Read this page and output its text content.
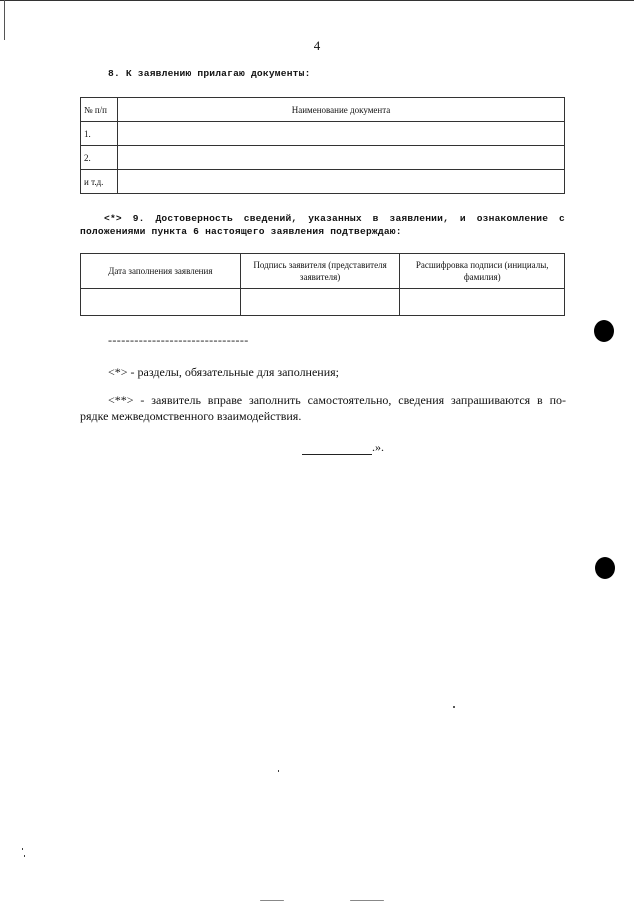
4
8. К заявлению прилагаю документы:
№ п/п	Наименование документа
1.	
2.	
и т.д.	
<*> 9. Достоверность сведений, указанных в заявлении, и ознакомление с
положениями пункта 6 настоящего заявления подтверждаю:
Дата заполнения заявления	Подпись заявителя (представителя заявителя)	Расшифровка подписи (инициалы, фамилия)

--------------------------------
<*> - разделы, обязательные для заполнения;
<**> - заявитель вправе заполнить самостоятельно, сведения запрашиваются в по-
рядке межведомственного взаимодействия.
.».
